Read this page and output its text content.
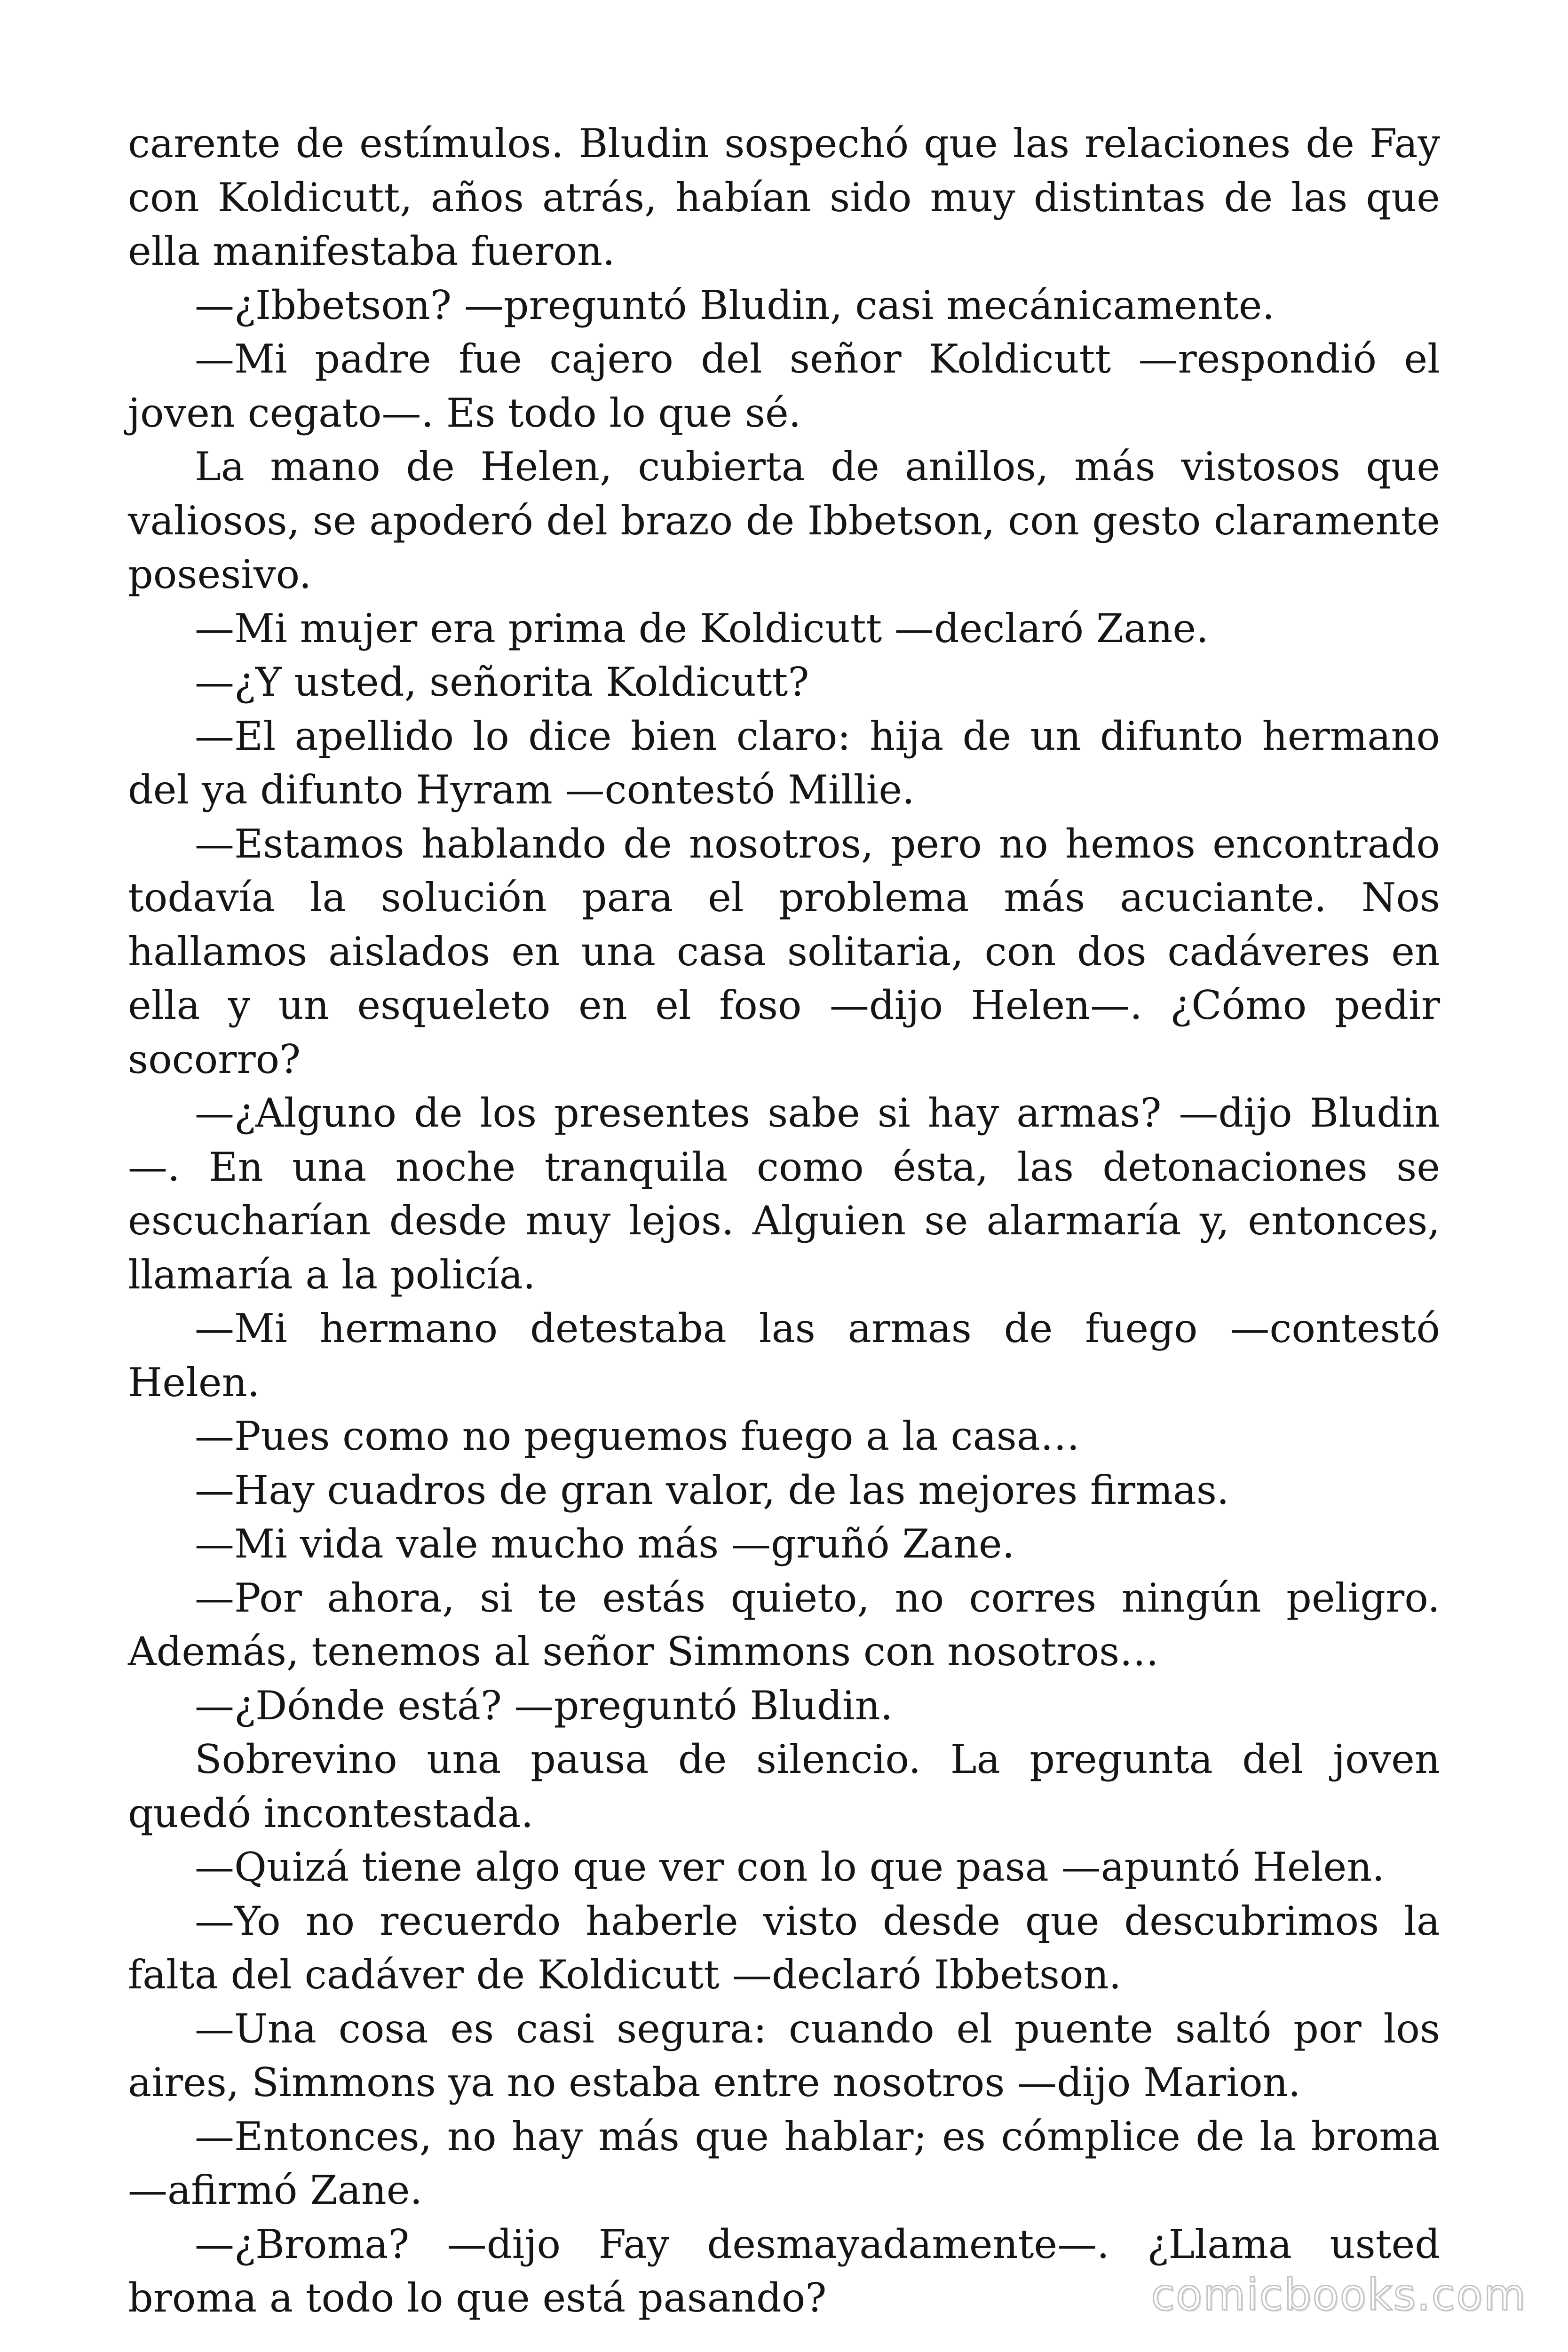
carente de estímulos. Bludin sospechó que las relaciones de Fay con Koldicutt, años atrás, habían sido muy distintas de las que ella manifestaba fueron.

—¿Ibbetson? —preguntó Bludin, casi mecánicamente.

—Mi padre fue cajero del señor Koldicutt —respondió el joven cegato—. Es todo lo que sé.

La mano de Helen, cubierta de anillos, más vistosos que valiosos, se apoderó del brazo de Ibbetson, con gesto claramente posesivo.

—Mi mujer era prima de Koldicutt —declaró Zane.

—¿Y usted, señorita Koldicutt?

—El apellido lo dice bien claro: hija de un difunto hermano del ya difunto Hyram —contestó Millie.

—Estamos hablando de nosotros, pero no hemos encontrado todavía la solución para el problema más acuciante. Nos hallamos aislados en una casa solitaria, con dos cadáveres en ella y un esqueleto en el foso —dijo Helen—. ¿Cómo pedir socorro?

—¿Alguno de los presentes sabe si hay armas? —dijo Bludin—. En una noche tranquila como ésta, las detonaciones se escucharían desde muy lejos. Alguien se alarmaría y, entonces, llamaría a la policía.

—Mi hermano detestaba las armas de fuego —contestó Helen.

—Pues como no peguemos fuego a la casa…

—Hay cuadros de gran valor, de las mejores firmas.

—Mi vida vale mucho más —gruñó Zane.

—Por ahora, si te estás quieto, no corres ningún peligro. Además, tenemos al señor Simmons con nosotros…

—¿Dónde está? —preguntó Bludin.

Sobrevino una pausa de silencio. La pregunta del joven quedó incontestada.

—Quizá tiene algo que ver con lo que pasa —apuntó Helen.

—Yo no recuerdo haberle visto desde que descubrimos la falta del cadáver de Koldicutt —declaró Ibbetson.

—Una cosa es casi segura: cuando el puente saltó por los aires, Simmons ya no estaba entre nosotros —dijo Marion.

—Entonces, no hay más que hablar; es cómplice de la broma —afirmó Zane.

—¿Broma? —dijo Fay desmayadamente—. ¿Llama usted broma a todo lo que está pasando?	comicbooks.com
